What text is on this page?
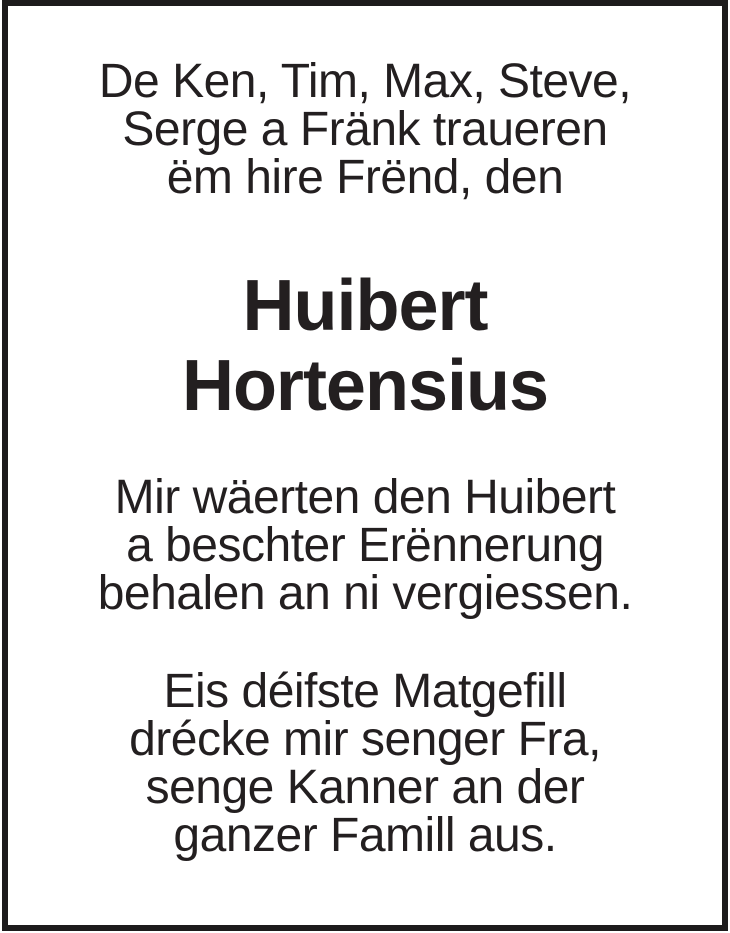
De Ken, Tim, Max, Steve,
Serge a Fränk traueren
ëm hire Frënd, den
Huibert
Hortensius
Mir wäerten den Huibert
a beschter Erënnerung
behalen an ni vergiessen.
Eis déifste Matgefill
drécke mir senger Fra,
senge Kanner an der
ganzer Famill aus.
